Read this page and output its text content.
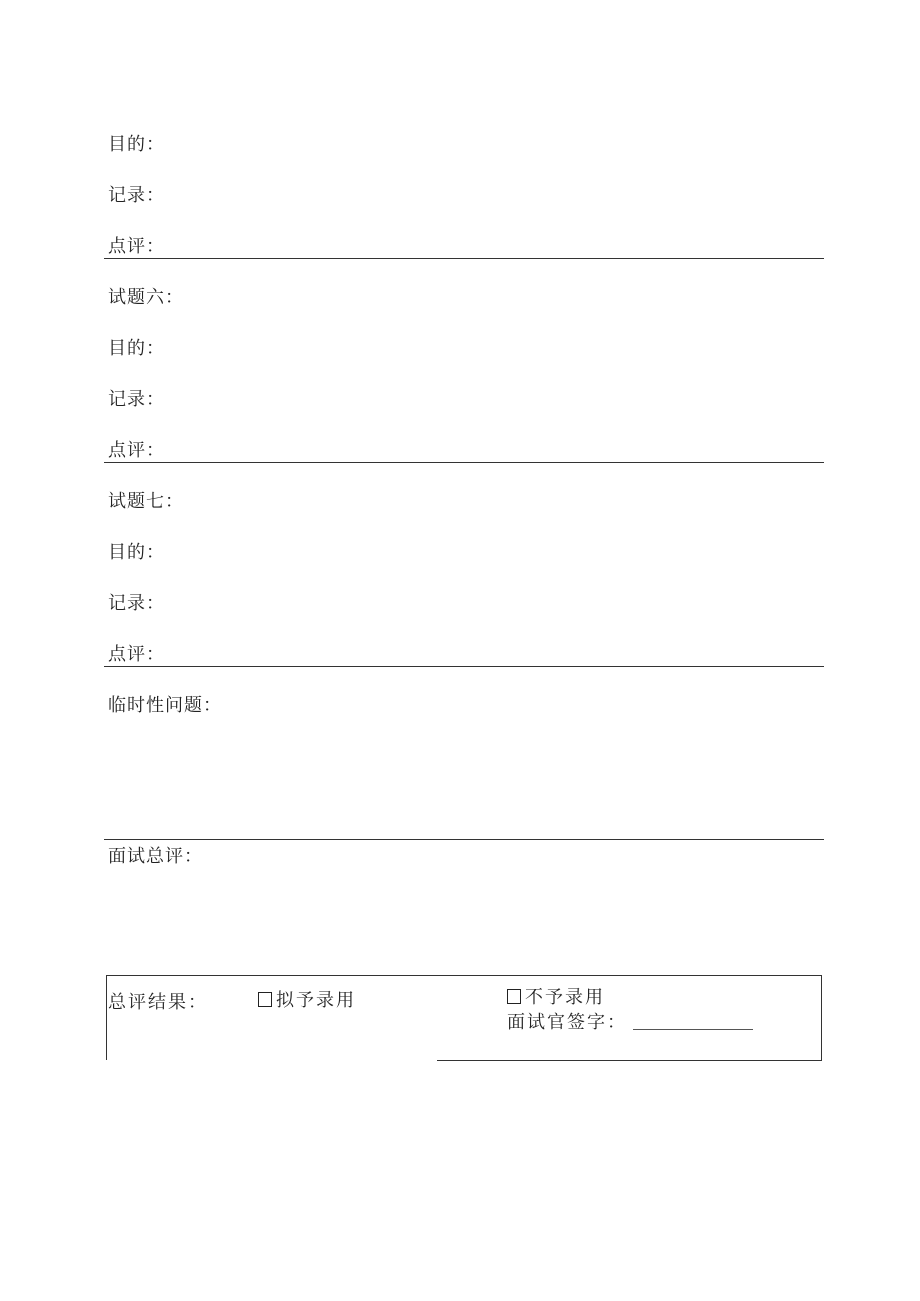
目的：
记录：
点评：
试题六：
目的：
记录：
点评：
试题七：
目的：
记录：
点评：
临时性问题：
面试总评：
总评结果：	拟予录用	不予录用
面试官签字：
